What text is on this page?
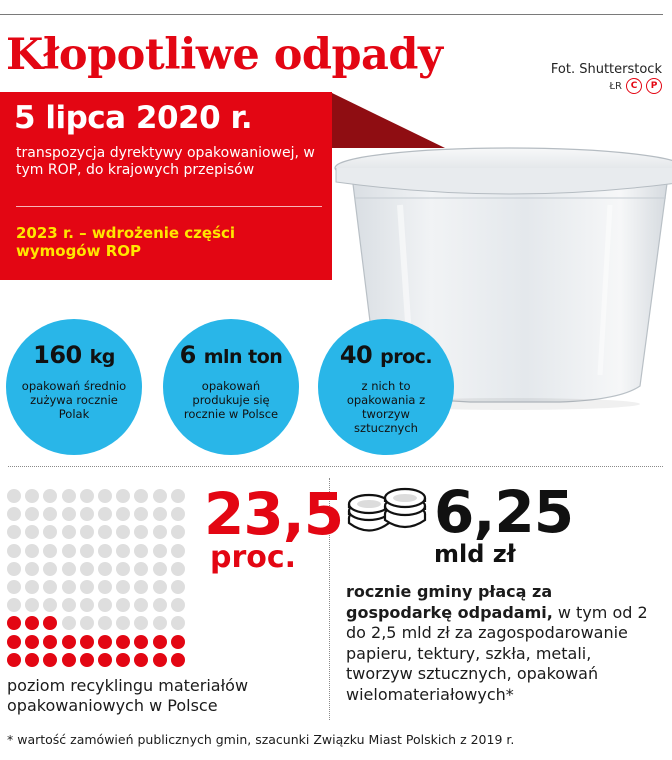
Kłopotliwe odpady	Fot. Shutterstock
ŁR C	P
5 lipca 2020 r.
transpozycja dyrektywy opakowaniowej, w tym ROP, do krajowych przepisów
2023 r. – wdrożenie części wymogów ROP
160 kg
opakowań średnio zużywa rocznie Polak
6 mln ton
opakowań produkuje się rocznie w Polsce
40 proc.
z nich to opakowania z tworzyw sztucznych
23,5
proc.
poziom recyklingu materiałów opakowaniowych w Polsce
6,25
mld zł
rocznie gminy płacą za gospodarkę odpadami, w tym od 2 do 2,5 mld zł za zagospodarowanie papieru, tektury, szkła, metali, tworzyw sztucznych, opakowań wielomateriałowych*
* wartość zamówień publicznych gmin, szacunki Związku Miast Polskich z 2019 r.
